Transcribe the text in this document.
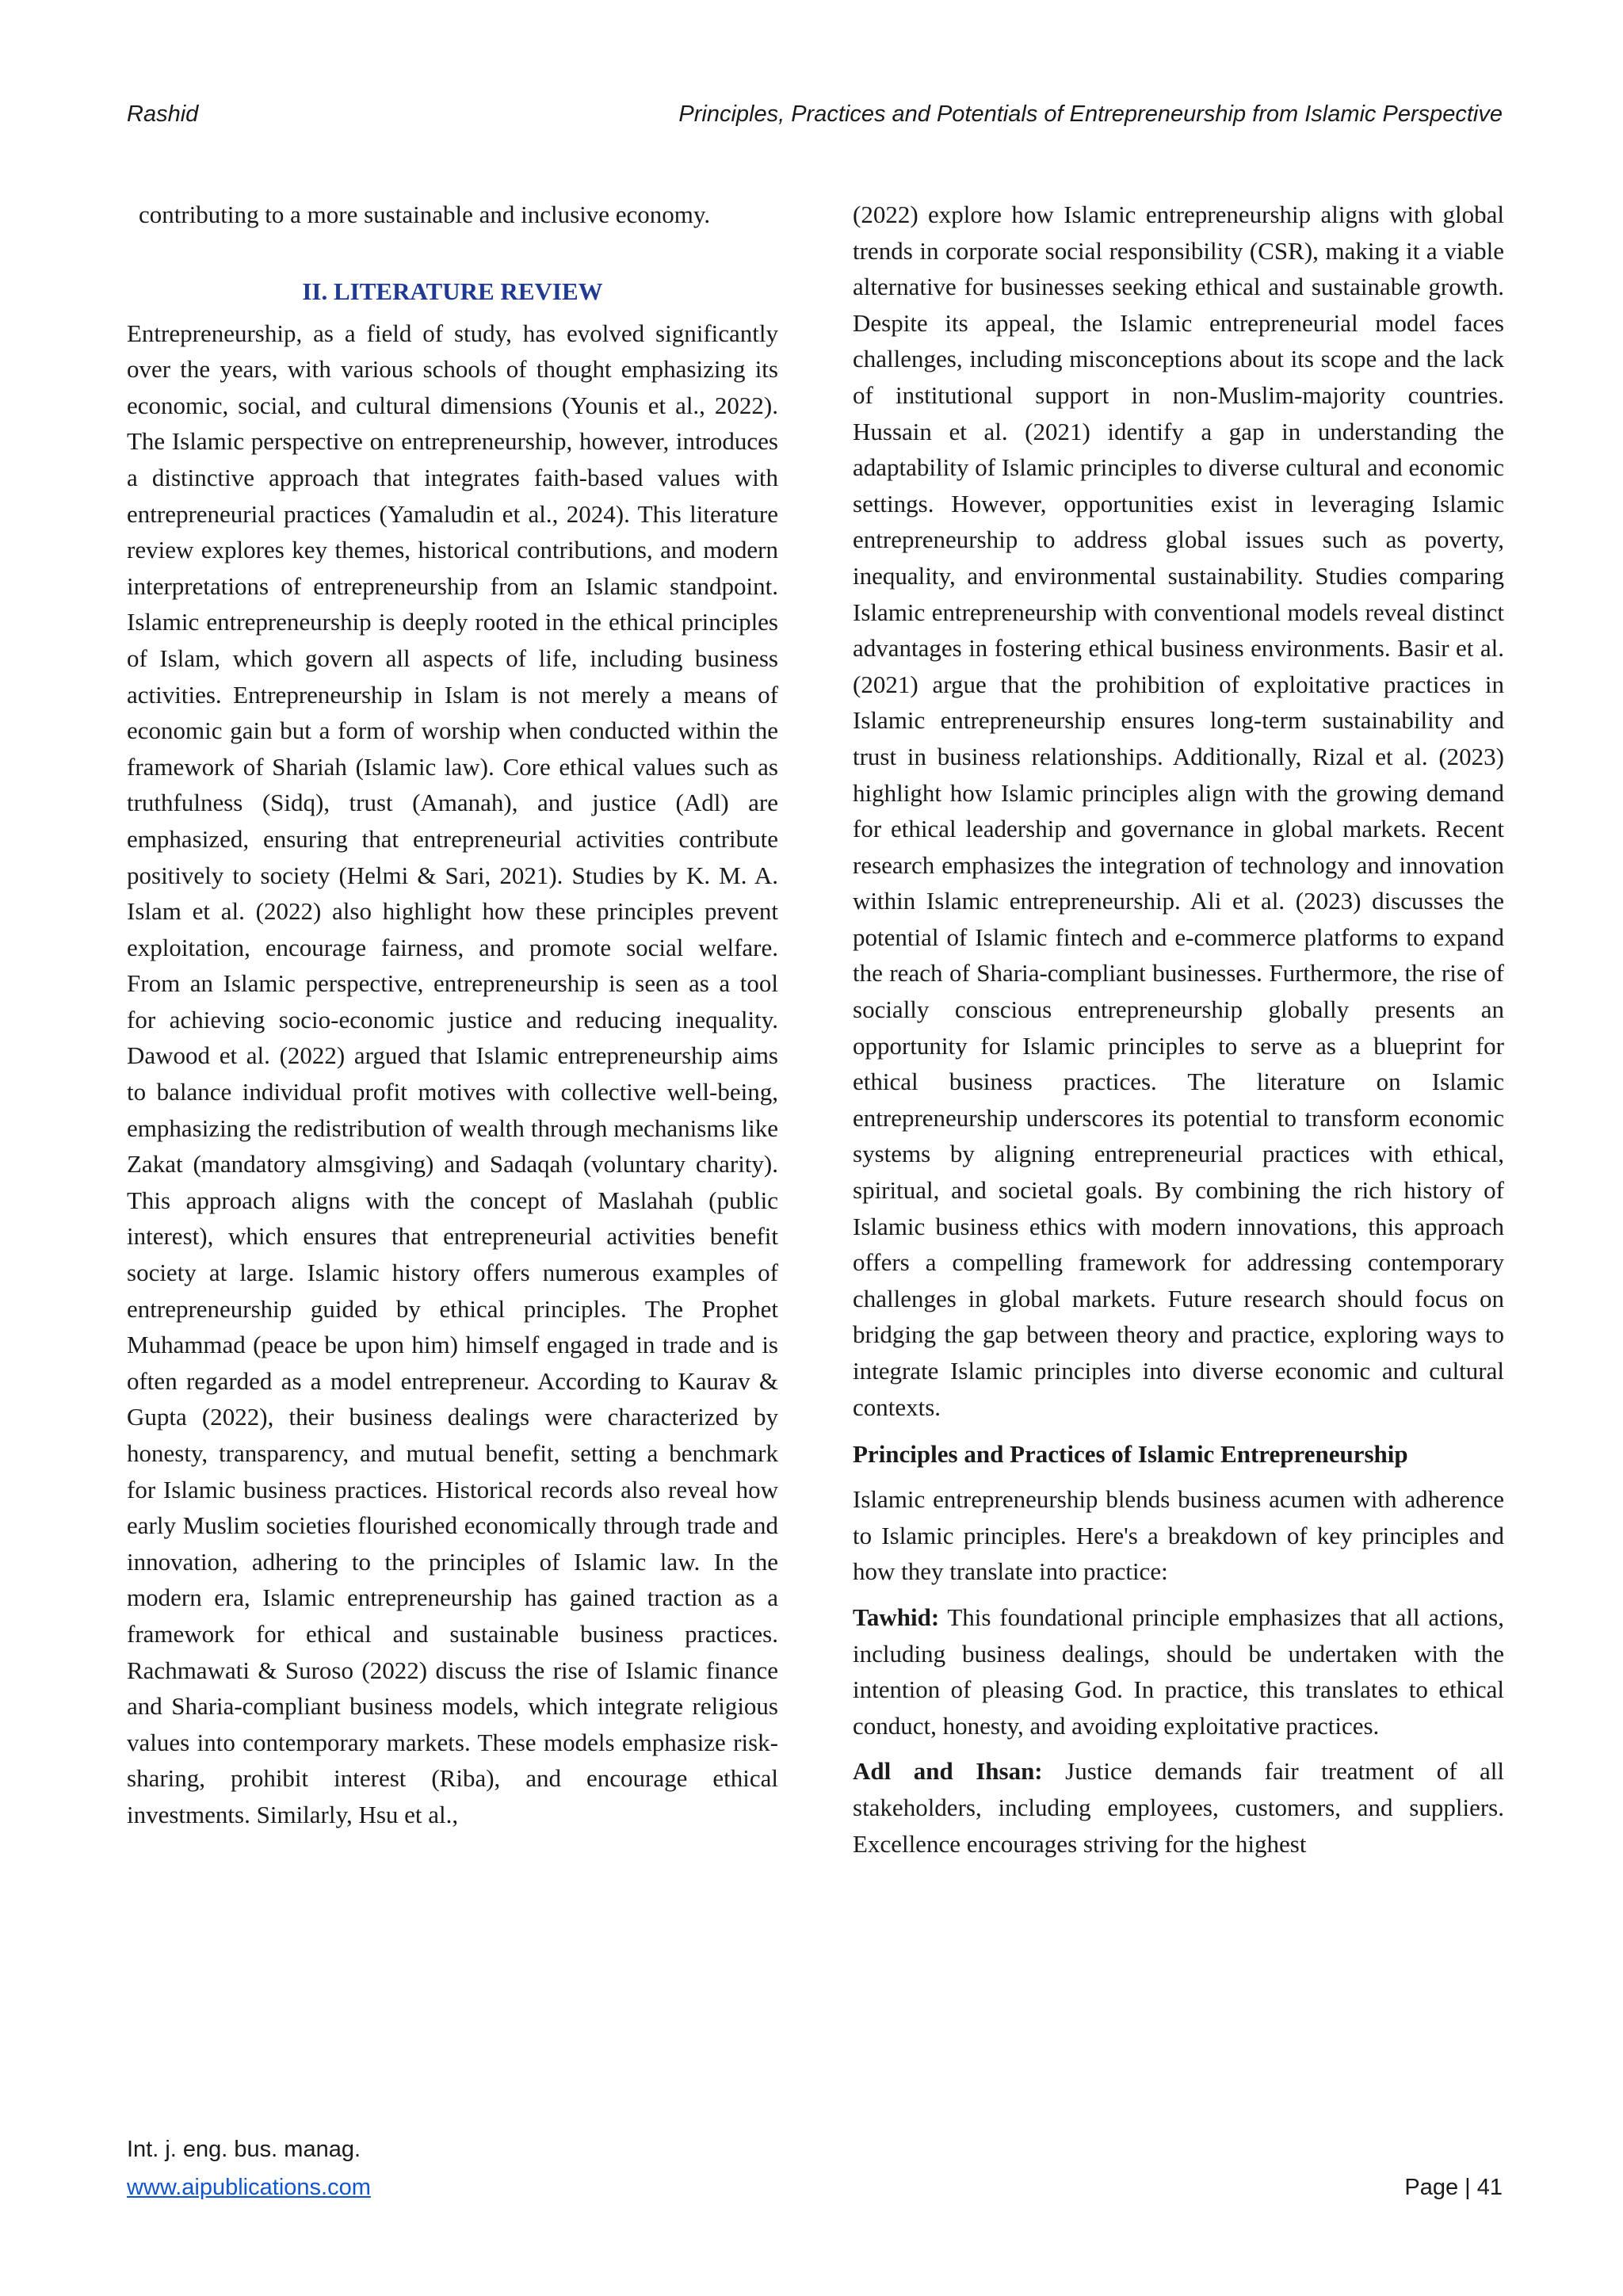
Rashid	Principles, Practices and Potentials of Entrepreneurship from Islamic Perspective

contributing to a more sustainable and inclusive economy.

II. LITERATURE REVIEW

Entrepreneurship, as a field of study, has evolved significantly over the years, with various schools of thought emphasizing its economic, social, and cultural dimensions (Younis et al., 2022). The Islamic perspective on entrepreneurship, however, introduces a distinctive approach that integrates faith-based values with entrepreneurial practices (Yamaludin et al., 2024). This literature review explores key themes, historical contributions, and modern interpretations of entrepreneurship from an Islamic standpoint. Islamic entrepreneurship is deeply rooted in the ethical principles of Islam, which govern all aspects of life, including business activities. Entrepreneurship in Islam is not merely a means of economic gain but a form of worship when conducted within the framework of Shariah (Islamic law). Core ethical values such as truthfulness (Sidq), trust (Amanah), and justice (Adl) are emphasized, ensuring that entrepreneurial activities contribute positively to society (Helmi & Sari, 2021). Studies by K. M. A. Islam et al. (2022) also highlight how these principles prevent exploitation, encourage fairness, and promote social welfare. From an Islamic perspective, entrepreneurship is seen as a tool for achieving socio-economic justice and reducing inequality. Dawood et al. (2022) argued that Islamic entrepreneurship aims to balance individual profit motives with collective well-being, emphasizing the redistribution of wealth through mechanisms like Zakat (mandatory almsgiving) and Sadaqah (voluntary charity). This approach aligns with the concept of Maslahah (public interest), which ensures that entrepreneurial activities benefit society at large. Islamic history offers numerous examples of entrepreneurship guided by ethical principles. The Prophet Muhammad (peace be upon him) himself engaged in trade and is often regarded as a model entrepreneur. According to Kaurav & Gupta (2022), their business dealings were characterized by honesty, transparency, and mutual benefit, setting a benchmark for Islamic business practices. Historical records also reveal how early Muslim societies flourished economically through trade and innovation, adhering to the principles of Islamic law. In the modern era, Islamic entrepreneurship has gained traction as a framework for ethical and sustainable business practices. Rachmawati & Suroso (2022) discuss the rise of Islamic finance and Sharia-compliant business models, which integrate religious values into contemporary markets. These models emphasize risk-sharing, prohibit interest (Riba), and encourage ethical investments. Similarly, Hsu et al.,

(2022) explore how Islamic entrepreneurship aligns with global trends in corporate social responsibility (CSR), making it a viable alternative for businesses seeking ethical and sustainable growth. Despite its appeal, the Islamic entrepreneurial model faces challenges, including misconceptions about its scope and the lack of institutional support in non-Muslim-majority countries. Hussain et al. (2021) identify a gap in understanding the adaptability of Islamic principles to diverse cultural and economic settings. However, opportunities exist in leveraging Islamic entrepreneurship to address global issues such as poverty, inequality, and environmental sustainability. Studies comparing Islamic entrepreneurship with conventional models reveal distinct advantages in fostering ethical business environments. Basir et al. (2021) argue that the prohibition of exploitative practices in Islamic entrepreneurship ensures long-term sustainability and trust in business relationships. Additionally, Rizal et al. (2023) highlight how Islamic principles align with the growing demand for ethical leadership and governance in global markets. Recent research emphasizes the integration of technology and innovation within Islamic entrepreneurship. Ali et al. (2023) discusses the potential of Islamic fintech and e-commerce platforms to expand the reach of Sharia-compliant businesses. Furthermore, the rise of socially conscious entrepreneurship globally presents an opportunity for Islamic principles to serve as a blueprint for ethical business practices. The literature on Islamic entrepreneurship underscores its potential to transform economic systems by aligning entrepreneurial practices with ethical, spiritual, and societal goals. By combining the rich history of Islamic business ethics with modern innovations, this approach offers a compelling framework for addressing contemporary challenges in global markets. Future research should focus on bridging the gap between theory and practice, exploring ways to integrate Islamic principles into diverse economic and cultural contexts.

Principles and Practices of Islamic Entrepreneurship

Islamic entrepreneurship blends business acumen with adherence to Islamic principles. Here's a breakdown of key principles and how they translate into practice:

Tawhid: This foundational principle emphasizes that all actions, including business dealings, should be undertaken with the intention of pleasing God. In practice, this translates to ethical conduct, honesty, and avoiding exploitative practices.

Adl and Ihsan: Justice demands fair treatment of all stakeholders, including employees, customers, and suppliers. Excellence encourages striving for the highest

Int. j. eng. bus. manag.
www.aipublications.com	Page | 41
